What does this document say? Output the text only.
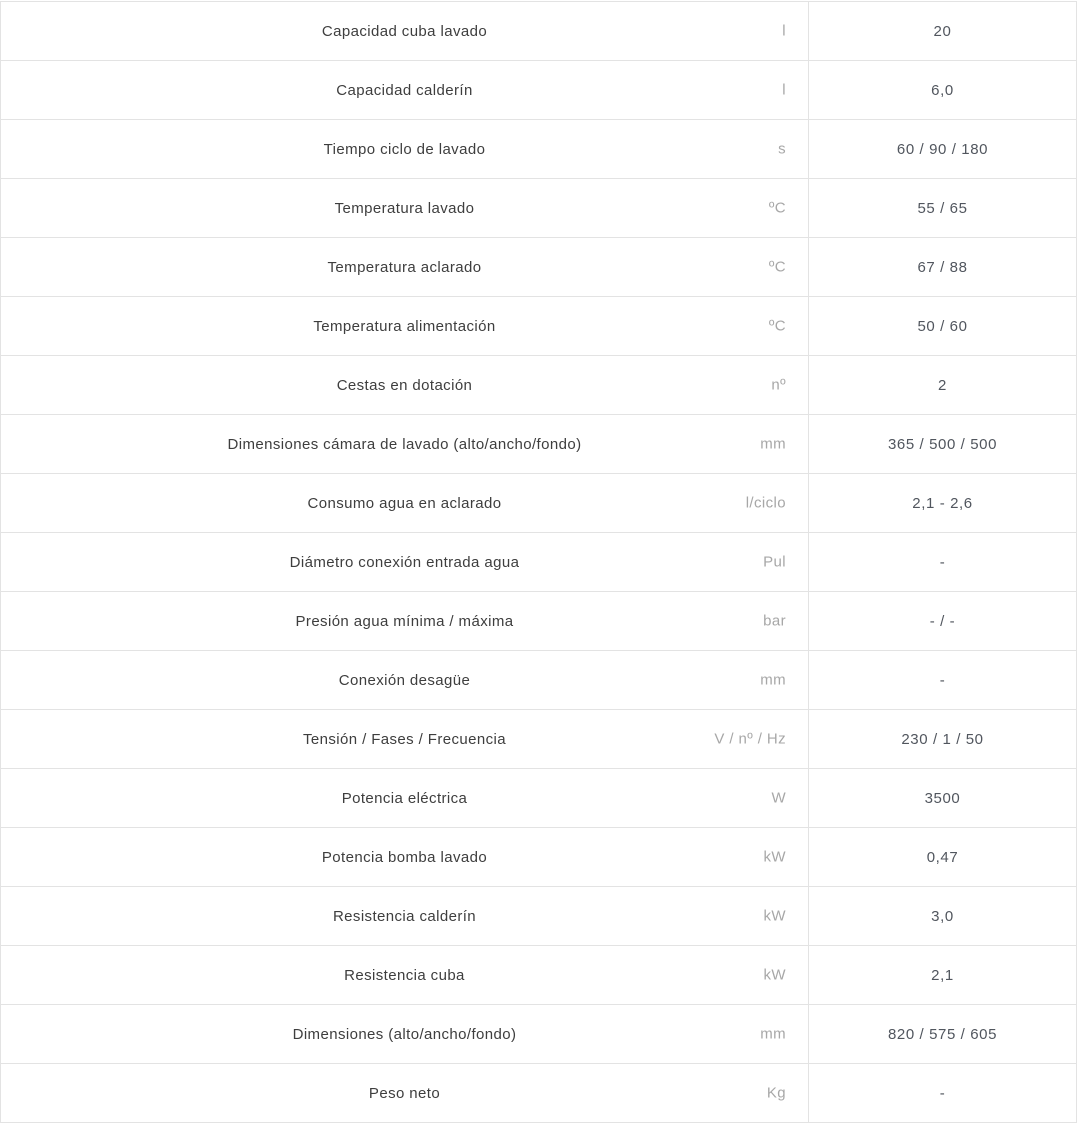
Capacidad cuba lavado	l	20
Capacidad calderín	l	6,0
Tiempo ciclo de lavado	s	60 / 90 / 180
Temperatura lavado	ºC	55 / 65
Temperatura aclarado	ºC	67 / 88
Temperatura alimentación	ºC	50 / 60
Cestas en dotación	nº	2
Dimensiones cámara de lavado (alto/ancho/fondo)	mm	365 / 500 / 500
Consumo agua en aclarado	l/ciclo	2,1 - 2,6
Diámetro conexión entrada agua	Pul	-
Presión agua mínima / máxima	bar	- / -
Conexión desagüe	mm	-
Tensión / Fases / Frecuencia	V / nº / Hz	230 / 1 / 50
Potencia eléctrica	W	3500
Potencia bomba lavado	kW	0,47
Resistencia calderín	kW	3,0
Resistencia cuba	kW	2,1
Dimensiones (alto/ancho/fondo)	mm	820 / 575 / 605
Peso neto	Kg	-
